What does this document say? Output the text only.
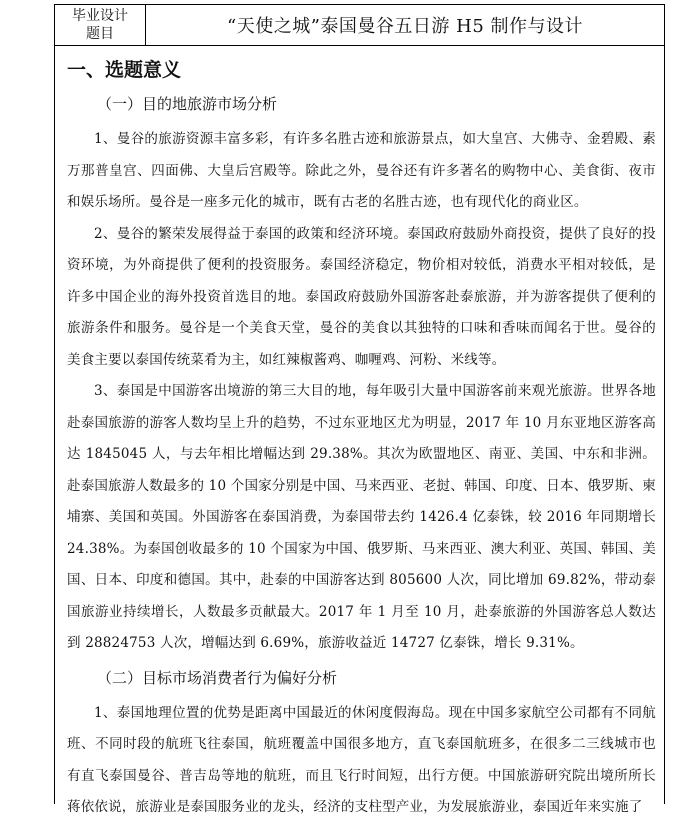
毕业设计
题目	“天使之城”泰国曼谷五日游 H5 制作与设计
一、选题意义
（一）目的地旅游市场分析

1、曼谷的旅游资源丰富多彩，有许多名胜古迹和旅游景点，如大皇宫、大佛寺、金碧殿、素万那普皇宫、四面佛、大皇后宫殿等。除此之外，曼谷还有许多著名的购物中心、美食街、夜市和娱乐场所。曼谷是一座多元化的城市，既有古老的名胜古迹，也有现代化的商业区。

2、曼谷的繁荣发展得益于泰国的政策和经济环境。泰国政府鼓励外商投资，提供了良好的投资环境，为外商提供了便利的投资服务。泰国经济稳定，物价相对较低，消费水平相对较低，是许多中国企业的海外投资首选目的地。泰国政府鼓励外国游客赴泰旅游，并为游客提供了便利的旅游条件和服务。曼谷是一个美食天堂，曼谷的美食以其独特的口味和香味而闻名于世。曼谷的美食主要以泰国传统菜肴为主，如红辣椒酱鸡、咖喱鸡、河粉、米线等。

3、泰国是中国游客出境游的第三大目的地，每年吸引大量中国游客前来观光旅游。世界各地赴泰国旅游的游客人数均呈上升的趋势，不过东亚地区尤为明显，2017 年 10 月东亚地区游客高达 1845045 人，与去年相比增幅达到 29.38%。其次为欧盟地区、南亚、美国、中东和非洲。赴泰国旅游人数最多的 10 个国家分别是中国、马来西亚、老挝、韩国、印度、日本、俄罗斯、柬埔寨、美国和英国。外国游客在泰国消费，为泰国带去约 1426.4 亿泰铢，较 2016 年同期增长 24.38%。为泰国创收最多的 10 个国家为中国、俄罗斯、马来西亚、澳大利亚、英国、韩国、美国、日本、印度和德国。其中，赴泰的中国游客达到 805600 人次，同比增加 69.82%，带动泰国旅游业持续增长，人数最多贡献最大。2017 年 1 月至 10 月，赴泰旅游的外国游客总人数达到 28824753 人次，增幅达到 6.69%，旅游收益近 14727 亿泰铢，增长 9.31%。

（二）目标市场消费者行为偏好分析

1、泰国地理位置的优势是距离中国最近的休闲度假海岛。现在中国多家航空公司都有不同航班、不同时段的航班飞往泰国，航班覆盖中国很多地方，直飞泰国航班多，在很多二三线城市也有直飞泰国曼谷、普吉岛等地的航班，而且飞行时间短，出行方便。中国旅游研究院出境所所长蒋依依说，旅游业是泰国服务业的龙头，经济的支柱型产业，为发展旅游业，泰国近年来实施了
